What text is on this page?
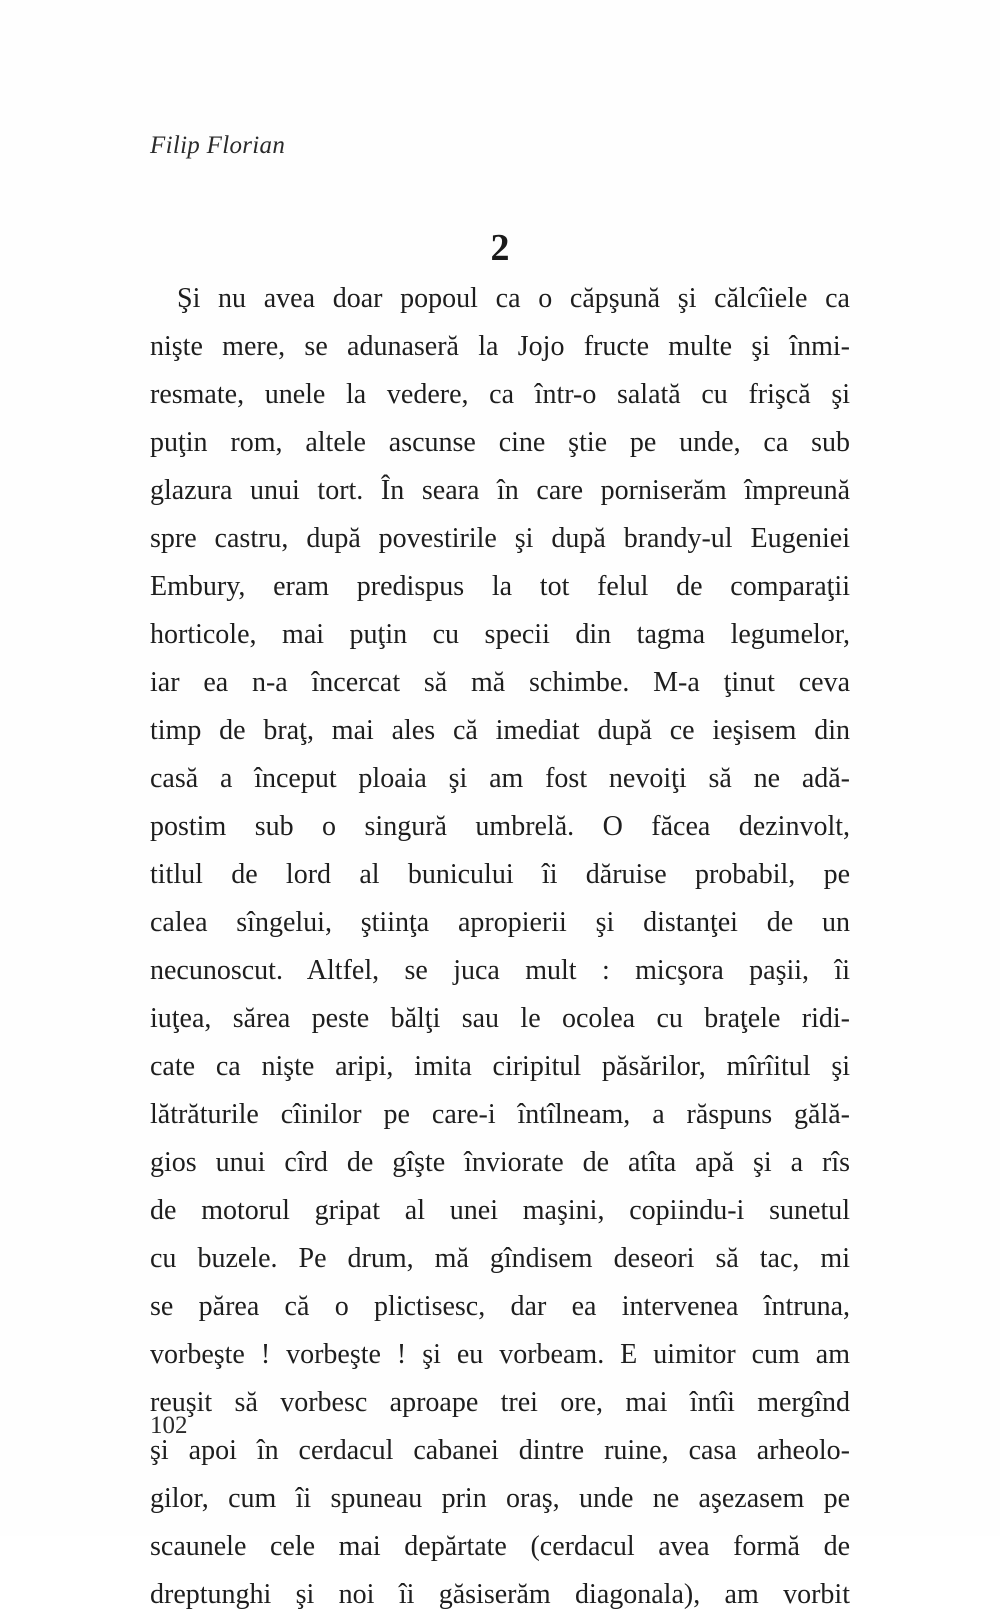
Filip Florian
2
Şi nu avea doar popoul ca o căpşună şi călcîiele ca
nişte mere, se adunaseră la Jojo fructe multe şi înmi-
resmate, unele la vedere, ca într-o salată cu frişcă şi
puţin rom, altele ascunse cine ştie pe unde, ca sub
glazura unui tort. În seara în care porniserăm împreună
spre castru, după povestirile şi după brandy-ul Eugeniei
Embury, eram predispus la tot felul de comparaţii
horticole, mai puţin cu specii din tagma legumelor,
iar ea n-a încercat să mă schimbe. M-a ţinut ceva
timp de braţ, mai ales că imediat după ce ieşisem din
casă a început ploaia şi am fost nevoiţi să ne adă-
postim sub o singură umbrelă. O făcea dezinvolt,
titlul de lord al bunicului îi dăruise probabil, pe
calea sîngelui, ştiinţa apropierii şi distanţei de un
necunoscut. Altfel, se juca mult : micşora paşii, îi
iuţea, sărea peste bălţi sau le ocolea cu braţele ridi-
cate ca nişte aripi, imita ciripitul păsărilor, mîrîitul şi
lătrăturile cîinilor pe care-i întîlneam, a răspuns gălă-
gios unui cîrd de gîşte înviorate de atîta apă şi a rîs
de motorul gripat al unei maşini, copiindu-i sunetul
cu buzele. Pe drum, mă gîndisem deseori să tac, mi
se părea că o plictisesc, dar ea intervenea întruna,
vorbeşte ! vorbeşte ! şi eu vorbeam. E uimitor cum am
reuşit să vorbesc aproape trei ore, mai întîi mergînd
şi apoi în cerdacul cabanei dintre ruine, casa arheolo-
gilor, cum îi spuneau prin oraş, unde ne aşezasem pe
scaunele cele mai depărtate (cerdacul avea formă de
dreptunghi şi noi îi găsiserăm diagonala), am vorbit
102
